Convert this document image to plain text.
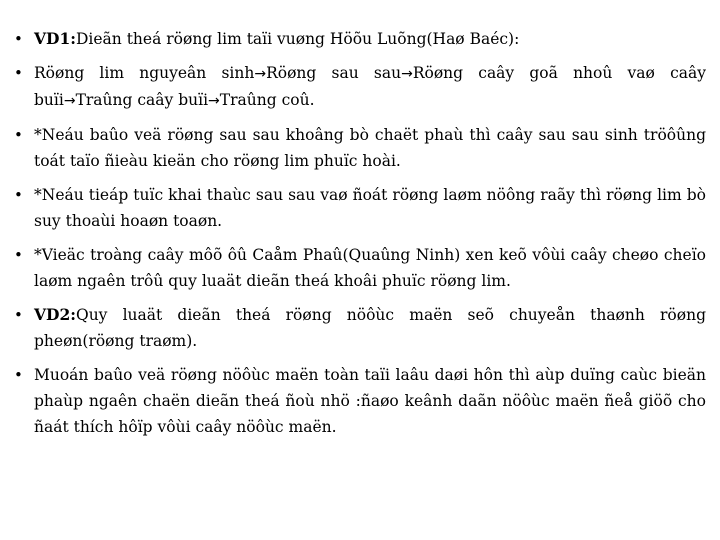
• VD1:Dieãn theá röøng lim taïi vuøng Höõu Luõng(Haø Baéc):
• Röøng lim nguyeân sinh→Röøng sau sau→Röøng caây goã nhoû vaø caây buïi→Traûng caây buïi→Traûng coû.
• *Neáu baûo veä röøng sau sau khoâng bò chaët phaù thì caây sau sau sinh tröôûng toát taïo ñieàu kieän cho röøng lim phuïc hoài.
• *Neáu tieáp tuïc khai thaùc sau sau vaø ñoát röøng laøm nöông raãy thì röøng lim bò suy thoaùi hoaøn toaøn.
• *Vieäc troàng caây môõ ôû Caåm Phaû(Quaûng Ninh) xen keõ vôùi caây cheøo cheïo laøm ngaên trôû quy luaät dieãn theá khoâi phuïc röøng lim.
• VD2:Quy luaät dieãn theá röøng nöôùc maën seõ chuyeån thaønh röøng pheøn(röøng traøm).
• Muoán baûo veä röøng nöôùc maën toàn taïi laâu daøi hôn thì aùp duïng caùc bieän phaùp ngaên chaën dieãn theá ñoù nhö :ñaøo keânh daãn nöôùc maën ñeå giöõ cho ñaát thích hôïp vôùi caây nöôùc maën.
